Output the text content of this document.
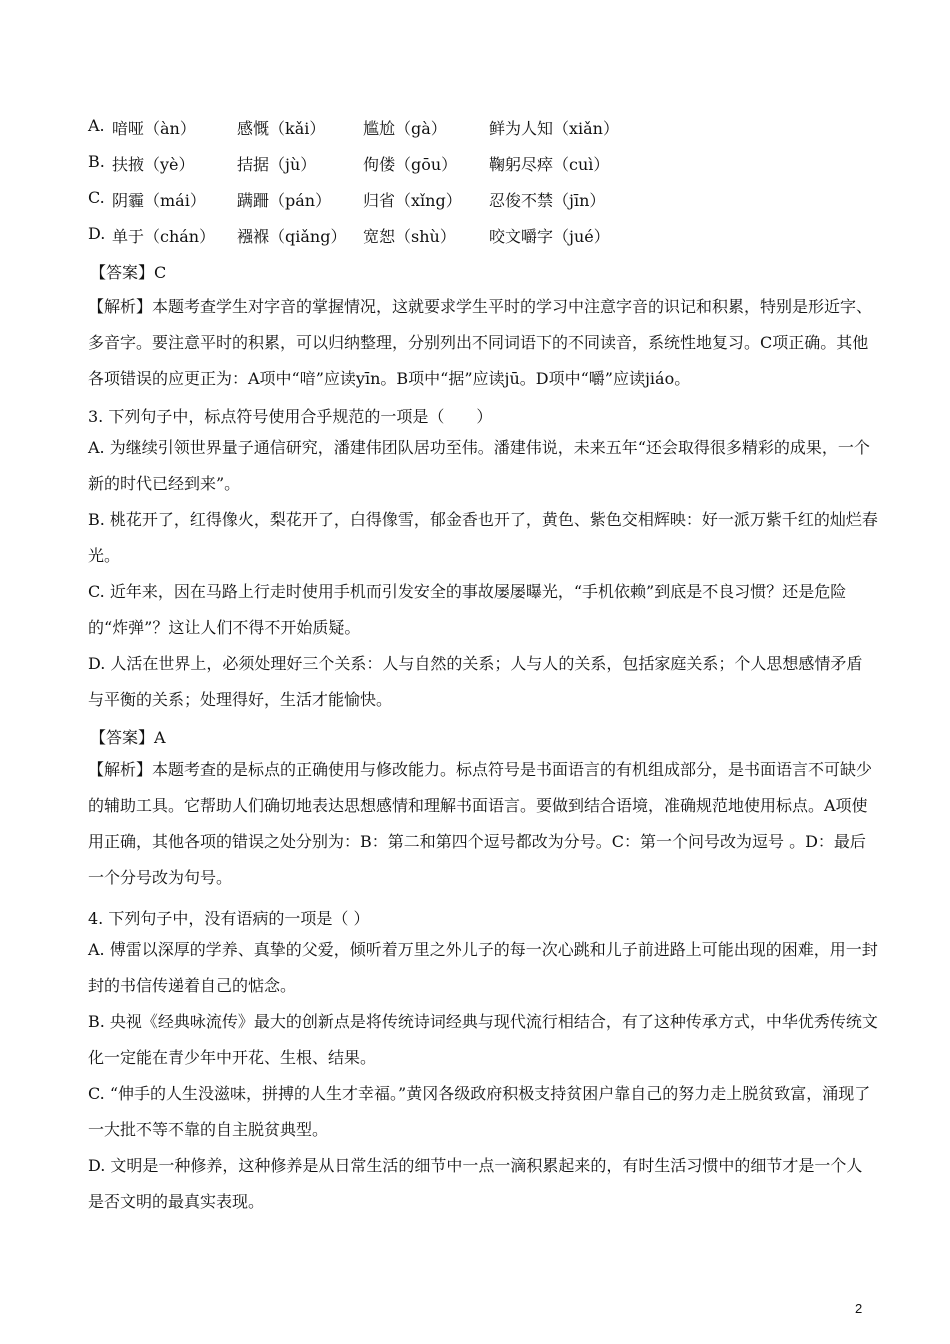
A. 喑哑（àn）	感慨（kǎi） 尴尬（gà）	鲜为人知（xiǎn）
B. 扶掖（yè）	拮据（jù）	佝偻（gōu） 鞠躬尽瘁（cuì）
C. 阴霾（mái） 蹒跚（pán） 归省（xǐng） 忍俊不禁（jīn）
D. 单于（chán） 襁褓（qiǎng） 宽恕（shù） 咬文嚼字（jué）
【答案】C
【解析】本题考查学生对字音的掌握情况，这就要求学生平时的学习中注意字音的识记和积累，特别是形近字、多音字。要注意平时的积累，可以归纳整理，分别列出不同词语下的不同读音，系统性地复习。C项正确。其他各项错误的应更正为：A项中“喑”应读yīn。B项中“据”应读jū。D项中“嚼”应读jiáo。
3. 下列句子中，标点符号使用合乎规范的一项是（　　）
A. 为继续引领世界量子通信研究，潘建伟团队居功至伟。潘建伟说，未来五年“还会取得很多精彩的成果，一个新的时代已经到来”。
B. 桃花开了，红得像火，梨花开了，白得像雪，郁金香也开了，黄色、紫色交相辉映：好一派万紫千红的灿烂春光。
C. 近年来，因在马路上行走时使用手机而引发安全的事故屡屡曝光，“手机依赖”到底是不良习惯？还是危险的“炸弹”？这让人们不得不开始质疑。
D. 人活在世界上，必须处理好三个关系：人与自然的关系；人与人的关系，包括家庭关系；个人思想感情矛盾与平衡的关系；处理得好，生活才能愉快。
【答案】A
【解析】本题考查的是标点的正确使用与修改能力。标点符号是书面语言的有机组成部分，是书面语言不可缺少的辅助工具。它帮助人们确切地表达思想感情和理解书面语言。要做到结合语境，准确规范地使用标点。A项使用正确，其他各项的错误之处分别为：B：第二和第四个逗号都改为分号。C：第一个问号改为逗号 。D：最后一个分号改为句号。
4. 下列句子中，没有语病的一项是（ ）
A. 傅雷以深厚的学养、真挚的父爱，倾听着万里之外儿子的每一次心跳和儿子前进路上可能出现的困难，用一封封的书信传递着自己的惦念。
B. 央视《经典咏流传》最大的创新点是将传统诗词经典与现代流行相结合，有了这种传承方式，中华优秀传统文化一定能在青少年中开花、生根、结果。
C. “伸手的人生没滋味，拼搏的人生才幸福。”黄冈各级政府积极支持贫困户靠自己的努力走上脱贫致富，涌现了一大批不等不靠的自主脱贫典型。
D. 文明是一种修养，这种修养是从日常生活的细节中一点一滴积累起来的，有时生活习惯中的细节才是一个人是否文明的最真实表现。
2
